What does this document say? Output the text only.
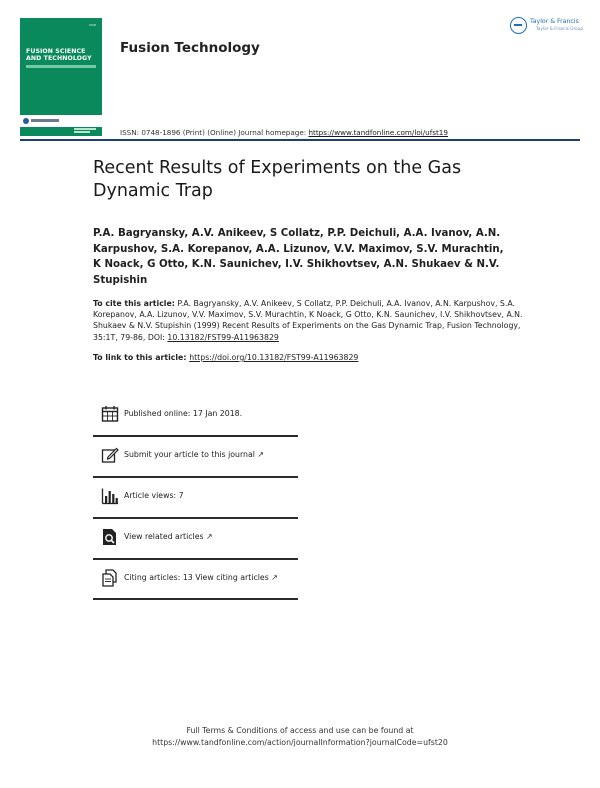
ISSN
FUSION SCIENCE AND TECHNOLOGY
Fusion Technology
Taylor & Francis
Taylor & Francis Group
ISSN: 0748-1896 (Print) (Online) Journal homepage: https://www.tandfonline.com/loi/ufst19
Recent Results of Experiments on the Gas Dynamic Trap
P.A. Bagryansky, A.V. Anikeev, S Collatz, P.P. Deichuli, A.A. Ivanov, A.N. Karpushov, S.A. Korepanov, A.A. Lizunov, V.V. Maximov, S.V. Murachtin, K Noack, G Otto, K.N. Saunichev, I.V. Shikhovtsev, A.N. Shukaev & N.V. Stupishin
To cite this article: P.A. Bagryansky, A.V. Anikeev, S Collatz, P.P. Deichuli, A.A. Ivanov, A.N. Karpushov, S.A. Korepanov, A.A. Lizunov, V.V. Maximov, S.V. Murachtin, K Noack, G Otto, K.N. Saunichev, I.V. Shikhovtsev, A.N. Shukaev & N.V. Stupishin (1999) Recent Results of Experiments on the Gas Dynamic Trap, Fusion Technology, 35:1T, 79-86, DOI: 10.13182/FST99-A11963829
To link to this article: https://doi.org/10.13182/FST99-A11963829
Published online: 17 Jan 2018.
Submit your article to this journal ↗
Article views: 7
View related articles ↗
Citing articles: 13 View citing articles ↗
Full Terms & Conditions of access and use can be found at
https://www.tandfonline.com/action/journalInformation?journalCode=ufst20
